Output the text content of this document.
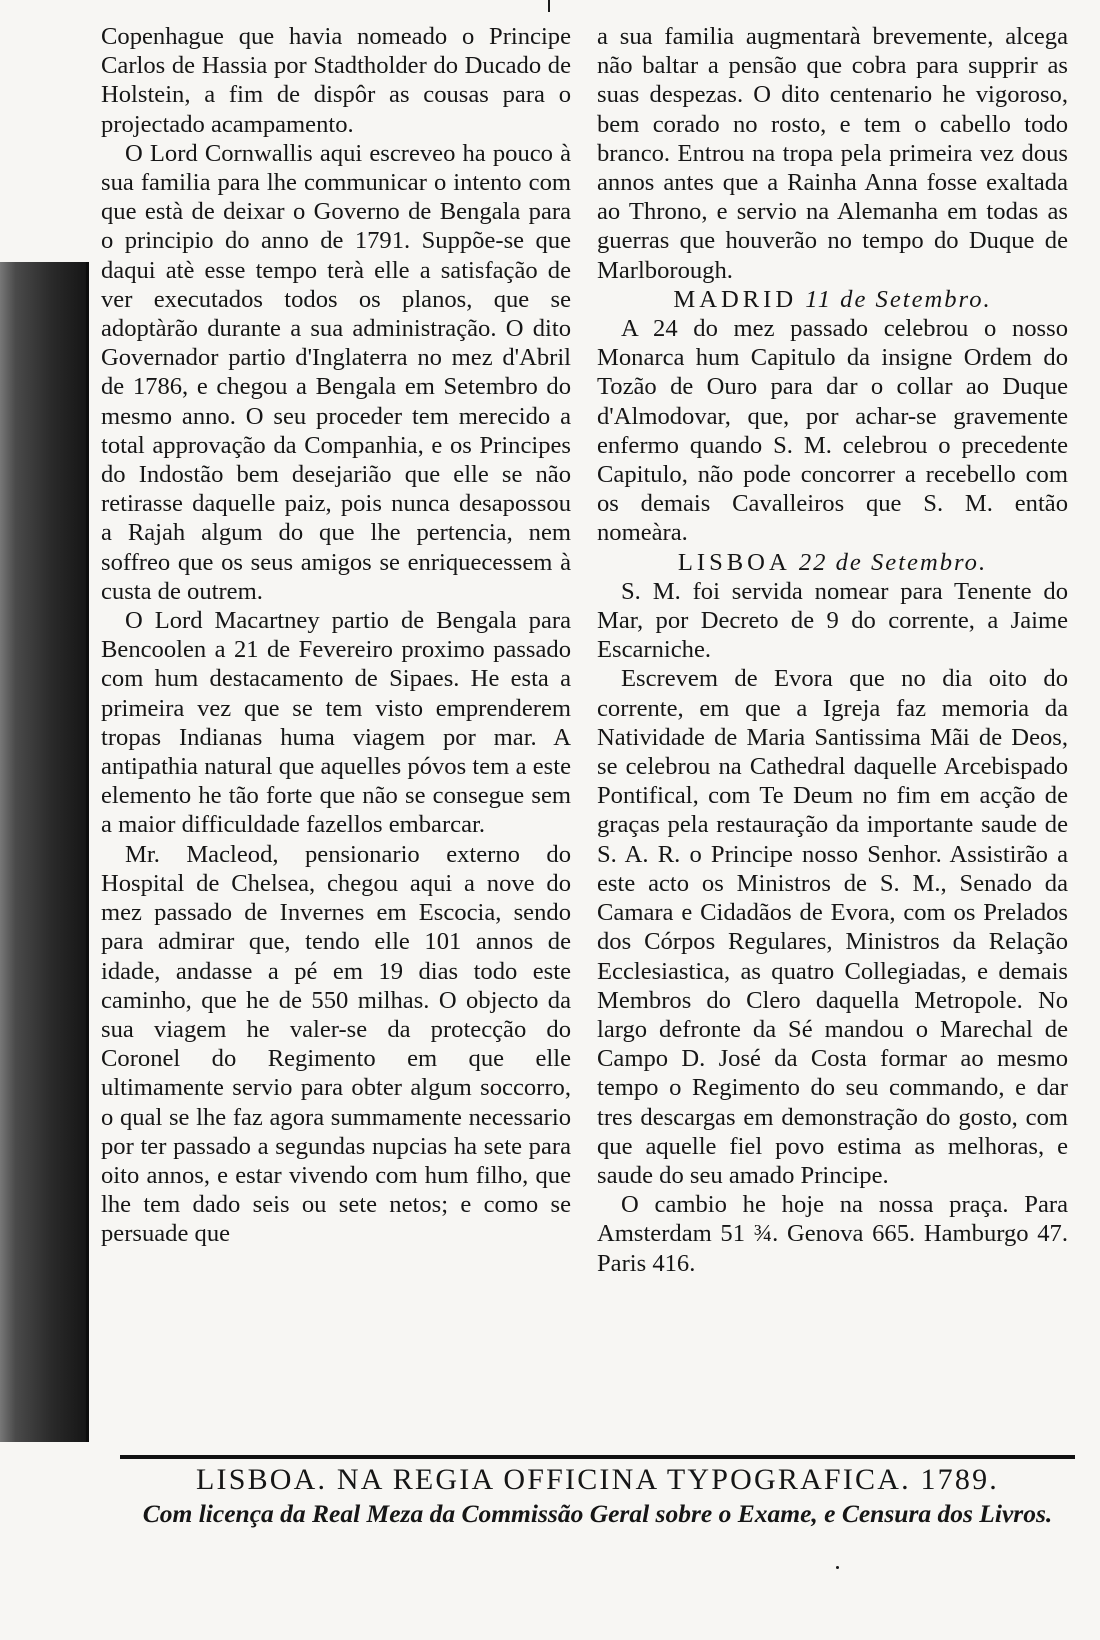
Copenhague que havia nomeado o Principe Carlos de Hassia por Stadtholder do Ducado de Holstein, a fim de dispôr as cousas para o projectado acampamento.

O Lord Cornwallis aqui escreveo ha pouco à sua familia para lhe communicar o intento com que està de deixar o Governo de Bengala para o principio do anno de 1791. Suppõe-se que daqui atè esse tempo terà elle a satisfação de ver executados todos os planos, que se adoptàrão durante a sua administração. O dito Governador partio d'Inglaterra no mez d'Abril de 1786, e chegou a Bengala em Setembro do mesmo anno. O seu proceder tem merecido a total approvação da Companhia, e os Principes do Indostão bem desejarião que elle se não retirasse daquelle paiz, pois nunca desapossou a Rajah algum do que lhe pertencia, nem soffreo que os seus amigos se enriquecessem à custa de outrem.

O Lord Macartney partio de Bengala para Bencoolen a 21 de Fevereiro proximo passado com hum destacamento de Sipaes. He esta a primeira vez que se tem visto emprenderem tropas Indianas huma viagem por mar. A antipathia natural que aquelles póvos tem a este elemento he tão forte que não se consegue sem a maior difficuldade fazellos embarcar.

Mr. Macleod, pensionario externo do Hospital de Chelsea, chegou aqui a nove do mez passado de Invernes em Escocia, sendo para admirar que, tendo elle 101 annos de idade, andasse a pé em 19 dias todo este caminho, que he de 550 milhas. O objecto da sua viagem he valer-se da protecção do Coronel do Regimento em que elle ultimamente servio para obter algum soccorro, o qual se lhe faz agora summamente necessario por ter passado a segundas nupcias ha sete para oito annos, e estar vivendo com hum filho, que lhe tem dado seis ou sete netos; e como se persuade que

a sua familia augmentarà brevemente, alcega não baltar a pensão que cobra para supprir as suas despezas. O dito centenario he vigoroso, bem corado no rosto, e tem o cabello todo branco. Entrou na tropa pela primeira vez dous annos antes que a Rainha Anna fosse exaltada ao Throno, e servio na Alemanha em todas as guerras que houverão no tempo do Duque de Marlborough.

MADRID 11 de Setembro.

A 24 do mez passado celebrou o nosso Monarca hum Capitulo da insigne Ordem do Tozão de Ouro para dar o collar ao Duque d'Almodovar, que, por achar-se gravemente enfermo quando S. M. celebrou o precedente Capitulo, não pode concorrer a recebello com os demais Cavalleiros que S. M. então nomeàra.

LISBOA 22 de Setembro.

S. M. foi servida nomear para Tenente do Mar, por Decreto de 9 do corrente, a Jaime Escarniche.

Escrevem de Evora que no dia oito do corrente, em que a Igreja faz memoria da Natividade de Maria Santissima Mãi de Deos, se celebrou na Cathedral daquelle Arcebispado Pontifical, com Te Deum no fim em acção de graças pela restauração da importante saude de S. A. R. o Principe nosso Senhor. Assistirão a este acto os Ministros de S. M., Senado da Camara e Cidadãos de Evora, com os Prelados dos Córpos Regulares, Ministros da Relação Ecclesiastica, as quatro Collegiadas, e demais Membros do Clero daquella Metropole. No largo defronte da Sé mandou o Marechal de Campo D. José da Costa formar ao mesmo tempo o Regimento do seu commando, e dar tres descargas em demonstração do gosto, com que aquelle fiel povo estima as melhoras, e saude do seu amado Principe.

O cambio he hoje na nossa praça. Para Amsterdam 51 ¾. Genova 665. Hamburgo 47. Paris 416.

LISBOA. NA REGIA OFFICINA TYPOGRAFICA. 1789.
Com licença da Real Meza da Commissão Geral sobre o Exame, e Censura dos Livros.
